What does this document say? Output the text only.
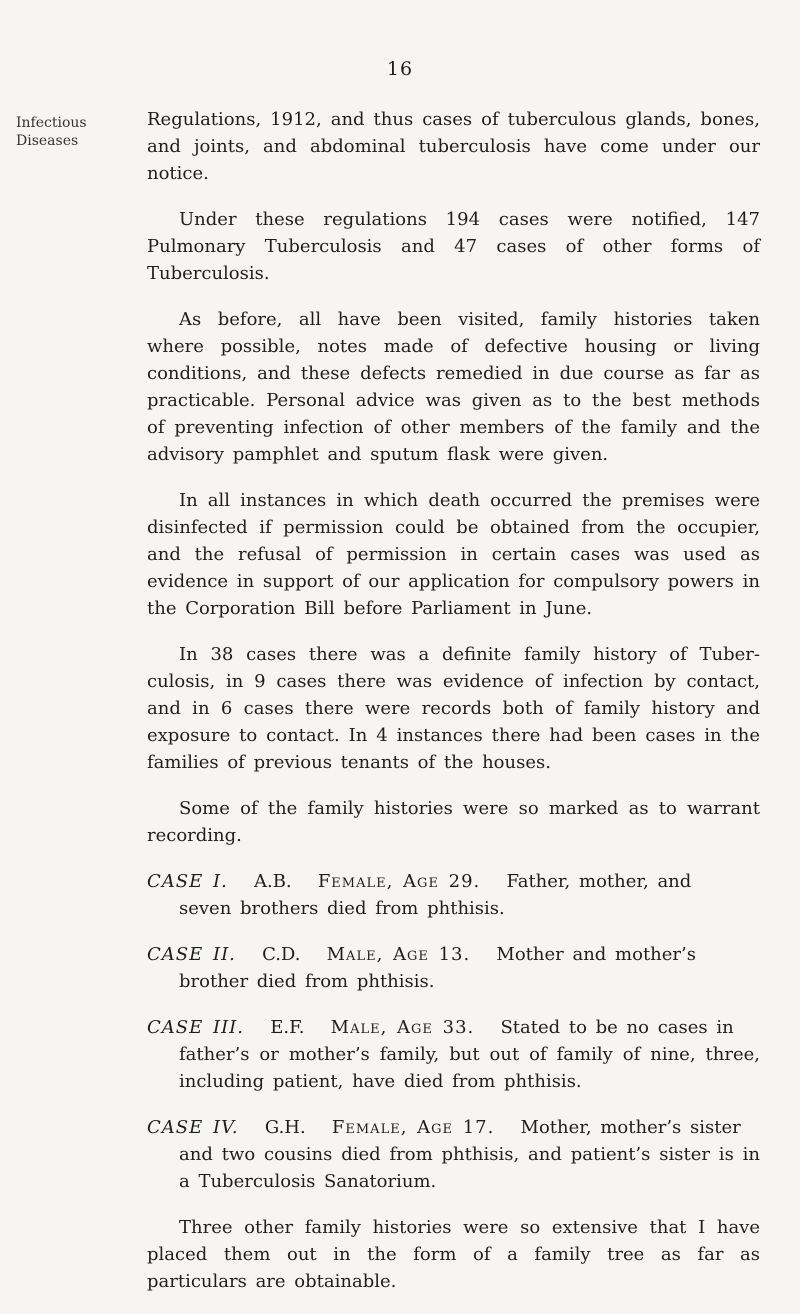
16
Infectious
Diseases

Regulations, 1912, and thus cases of tuberculous glands, bones, and joints, and abdominal tuberculosis have come under our notice.

Under these regulations 194 cases were notified, 147 Pulmonary Tuberculosis and 47 cases of other forms of Tuberculosis.

As before, all have been visited, family histories taken where possible, notes made of defective housing or living conditions, and these defects remedied in due course as far as practicable. Personal advice was given as to the best methods of preventing infection of other members of the family and the advisory pamphlet and sputum flask were given.

In all instances in which death occurred the premises were disinfected if permission could be obtained from the occupier, and the refusal of permission in certain cases was used as evidence in support of our application for compulsory powers in the Corporation Bill before Parliament in June.

In 38 cases there was a definite family history of Tuber-culosis, in 9 cases there was evidence of infection by contact, and in 6 cases there were records both of family history and exposure to contact. In 4 instances there had been cases in the families of previous tenants of the houses.

Some of the family histories were so marked as to warrant recording.

CASE I. A.B. Female, Age 29. Father, mother, and
seven brothers died from phthisis.
CASE II. C.D. Male, Age 13. Mother and mother’s
brother died from phthisis.
CASE III. E.F. Male, Age 33. Stated to be no cases in
father’s or mother’s family, but out of family of nine, three, including patient, have died from phthisis.
CASE IV. G.H. Female, Age 17. Mother, mother’s sister
and two cousins died from phthisis, and patient’s sister is in a Tuberculosis Sanatorium.

Three other family histories were so extensive that I have placed them out in the form of a family tree as far as particulars are obtainable.
